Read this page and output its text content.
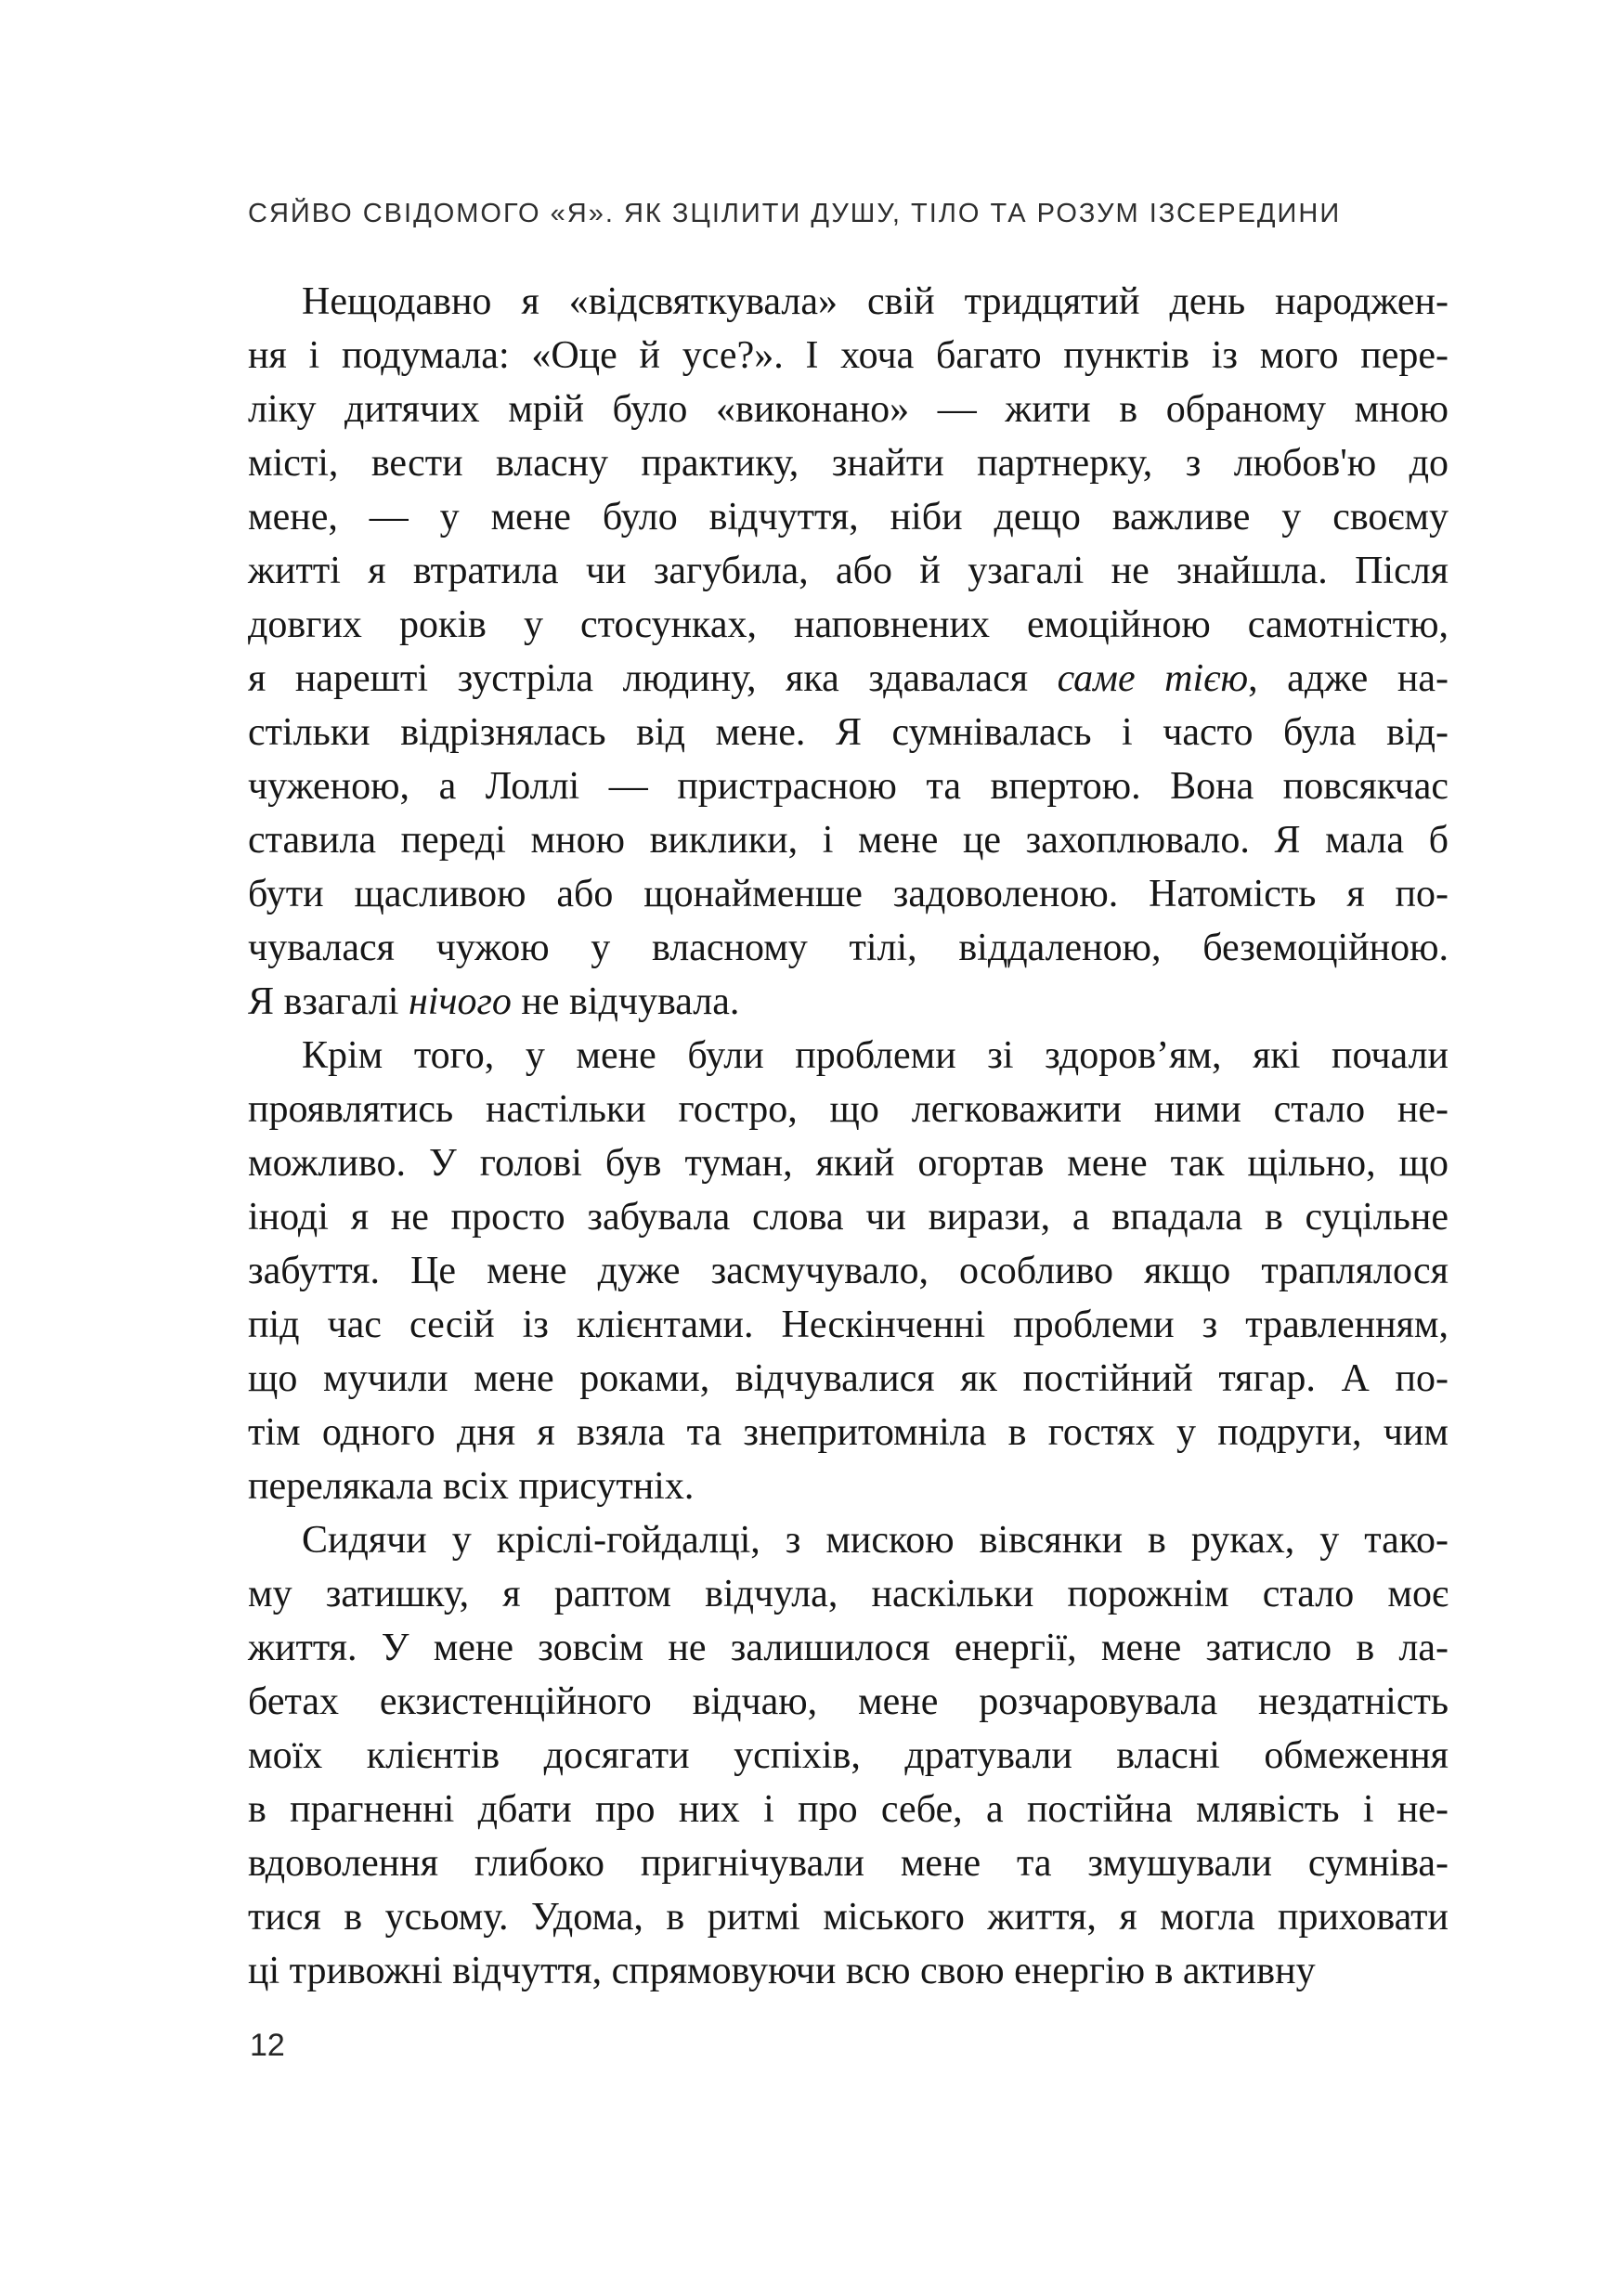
СЯЙВО СВІДОМОГО «Я». ЯК ЗЦІЛИТИ ДУШУ, ТІЛО ТА РОЗУМ ІЗСЕРЕДИНИ
Нещодавно я «відсвяткувала» свій тридцятий день народжен-
ня і подумала: «Оце й усе?». І хоча багато пунктів із мого пере-
ліку дитячих мрій було «виконано» — жити в обраному мною
місті, вести власну практику, знайти партнерку, з любов'ю до
мене, — у мене було відчуття, ніби дещо важливе у своєму
житті я втратила чи загубила, або й узагалі не знайшла. Після
довгих років у стосунках, наповнених емоційною самотністю,
я нарешті зустріла людину, яка здавалася саме тією, адже на-
стільки відрізнялась від мене. Я сумнівалась і часто була від-
чуженою, а Лоллі — пристрасною та впертою. Вона повсякчас
ставила переді мною виклики, і мене це захоплювало. Я мала б
бути щасливою або щонайменше задоволеною. Натомість я по-
чувалася чужою у власному тілі, віддаленою, беземоційною.
Я взагалі нічого не відчувала.
Крім того, у мене були проблеми зі здоров’ям, які почали
проявлятись настільки гостро, що легковажити ними стало не-
можливо. У голові був туман, який огортав мене так щільно, що
іноді я не просто забувала слова чи вирази, а впадала в суцільне
забуття. Це мене дуже засмучувало, особливо якщо траплялося
під час сесій із клієнтами. Нескінченні проблеми з травленням,
що мучили мене роками, відчувалися як постійний тягар. А по-
тім одного дня я взяла та знепритомніла в гостях у подруги, чим
перелякала всіх присутніх.
Сидячи у кріслі-гойдалці, з мискою вівсянки в руках, у тако-
му затишку, я раптом відчула, наскільки порожнім стало моє
життя. У мене зовсім не залишилося енергії, мене затисло в ла-
бетах екзистенційного відчаю, мене розчаровувала нездатність
моїх клієнтів досягати успіхів, дратували власні обмеження
в прагненні дбати про них і про себе, а постійна млявість і не-
вдоволення глибоко пригнічували мене та змушували сумніва-
тися в усьому. Удома, в ритмі міського життя, я могла приховати
ці тривожні відчуття, спрямовуючи всю свою енергію в активну
12
